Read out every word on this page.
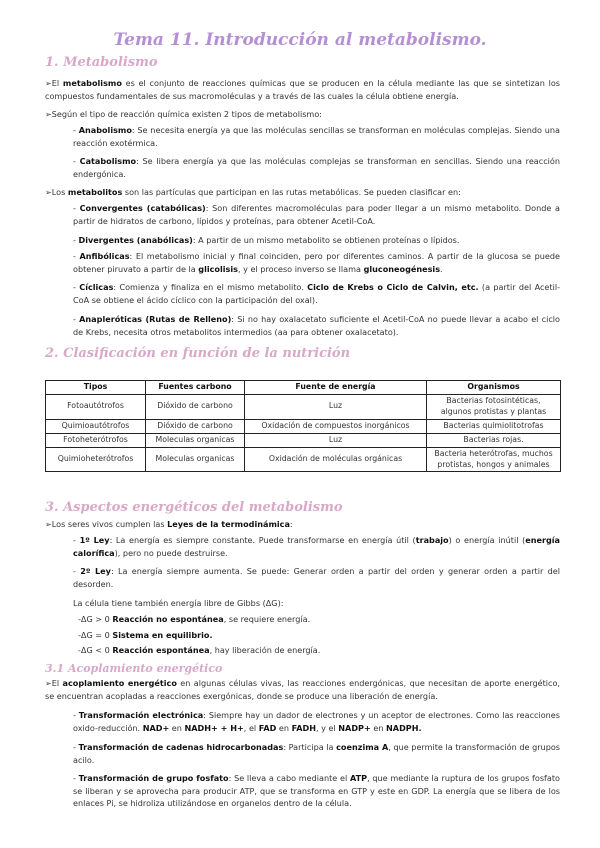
Tema 11. Introducción al metabolismo.
1. Metabolismo

➢El metabolismo es el conjunto de reacciones químicas que se producen en la célula mediante las que se sintetizan los compuestos fundamentales de sus macromoléculas y a través de las cuales la célula obtiene energía.

➢Según el tipo de reacción química existen 2 tipos de metabolismo:

- Anabolismo: Se necesita energía ya que las moléculas sencillas se transforman en moléculas complejas. Siendo una reacción exotérmica.

- Catabolismo: Se libera energía ya que las moléculas complejas se transforman en sencillas. Siendo una reacción endergónica.

➢Los metabolitos son las partículas que participan en las rutas metabólicas. Se pueden clasificar en:

- Convergentes (catabólicas): Son diferentes macromoléculas para poder llegar a un mismo metabolito. Donde a partir de hidratos de carbono, lípidos y proteínas, para obtener Acetil-CoA.

- Divergentes (anabólicas): A partir de un mismo metabolito se obtienen proteínas o lípidos.

- Anfibólicas: El metabolismo inicial y final coinciden, pero por diferentes caminos. A partir de la glucosa se puede obtener piruvato a partir de la glicolisis, y el proceso inverso se llama gluconeogénesis.

- Cíclicas: Comienza y finaliza en el mismo metabolito. Ciclo de Krebs o Ciclo de Calvin, etc. (a partir del Acetil-CoA se obtiene el ácido cíclico con la participación del oxal).

- Anapleróticas (Rutas de Relleno): Si no hay oxalacetato suficiente el Acetil-CoA no puede llevar a acabo el ciclo de Krebs, necesita otros metabolitos intermedios (aa para obtener oxalacetato).

2. Clasificación en función de la nutrición
Tipos	Fuentes carbono	Fuente de energía	Organismos
Fotoautótrofos	Dióxido de carbono	Luz	Bacterias fotosintéticas, algunos protistas y plantas
Quimioautótrofos	Dióxido de carbono	Oxidación de compuestos inorgánicos	Bacterias quimiolitotrofas
Fotoheterótrofos	Moleculas organicas	Luz	Bacterias rojas.
Quimioheterótrofos	Moleculas organicas	Oxidación de moléculas orgánicas	Bacteria heterótrofas, muchos protistas, hongos y animales
3. Aspectos energéticos del metabolismo

➢Los seres vivos cumplen las Leyes de la termodinámica:

- 1º Ley: La energía es siempre constante. Puede transformarse en energía útil (trabajo) o energía inútil (energía calorífica), pero no puede destruirse.

- 2º Ley: La energía siempre aumenta. Se puede: Generar orden a partir del orden y generar orden a partir del desorden.

La célula tiene también energía libre de Gibbs (ΔG):

-ΔG > 0 Reacción no espontánea, se requiere energía.

-ΔG = 0 Sistema en equilibrio.

-ΔG < 0 Reacción espontánea, hay liberación de energía.

3.1 Acoplamiento energético

➢El acoplamiento energético en algunas células vivas, las reacciones endergónicas, que necesitan de aporte energético, se encuentran acopladas a reacciones exergónicas, donde se produce una liberación de energía.

- Transformación electrónica: Siempre hay un dador de electrones y un aceptor de electrones. Como las reacciones oxido-reducción. NAD+ en NADH+ + H+, el FAD en FADH, y el NADP+ en NADPH.

- Transformación de cadenas hidrocarbonadas: Participa la coenzima A, que permite la transformación de grupos acilo.

- Transformación de grupo fosfato: Se lleva a cabo mediante el ATP, que mediante la ruptura de los grupos fosfato se liberan y se aprovecha para producir ATP, que se transforma en GTP y este en GDP. La energía que se libera de los enlaces Pi, se hidroliza utilizándose en organelos dentro de la célula.
